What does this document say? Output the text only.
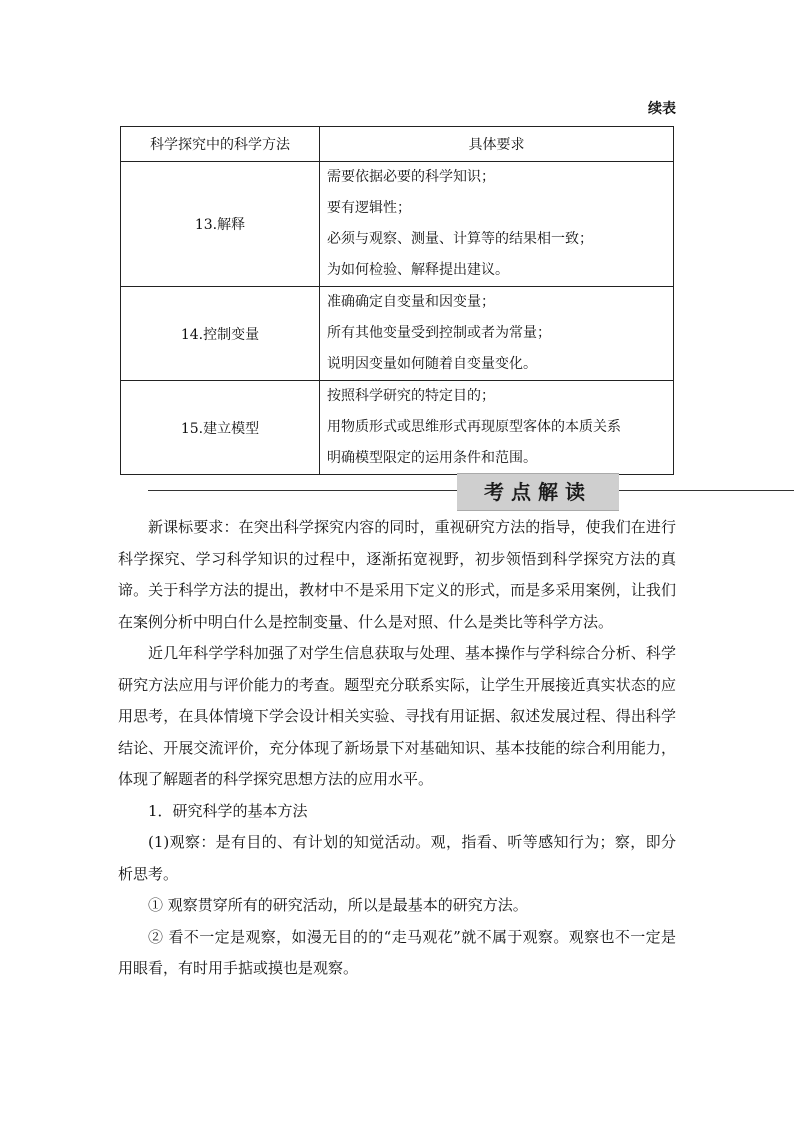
续表
科学探究中的科学方法	具体要求
13.解释	需要依据必要的科学知识；
要有逻辑性；
必须与观察、测量、计算等的结果相一致；
为如何检验、解释提出建议。

14.控制变量	准确确定自变量和因变量；
所有其他变量受到控制或者为常量；
说明因变量如何随着自变量变化。

15.建立模型	按照科学研究的特定目的；
用物质形式或思维形式再现原型客体的本质关系
明确模型限定的运用条件和范围。
考点解读

新课标要求：在突出科学探究内容的同时，重视研究方法的指导，使我们在进行科学探究、学习科学知识的过程中，逐渐拓宽视野，初步领悟到科学探究方法的真谛。关于科学方法的提出，教材中不是采用下定义的形式，而是多采用案例，让我们在案例分析中明白什么是控制变量、什么是对照、什么是类比等科学方法。

近几年科学学科加强了对学生信息获取与处理、基本操作与学科综合分析、科学研究方法应用与评价能力的考查。题型充分联系实际，让学生开展接近真实状态的应用思考，在具体情境下学会设计相关实验、寻找有用证据、叙述发展过程、得出科学结论、开展交流评价，充分体现了新场景下对基础知识、基本技能的综合利用能力，体现了解题者的科学探究思想方法的应用水平。

1．研究科学的基本方法

(1)观察：是有目的、有计划的知觉活动。观，指看、听等感知行为；察，即分析思考。

① 观察贯穿所有的研究活动，所以是最基本的研究方法。

② 看不一定是观察，如漫无目的的“走马观花”就不属于观察。观察也不一定是用眼看，有时用手掂或摸也是观察。
